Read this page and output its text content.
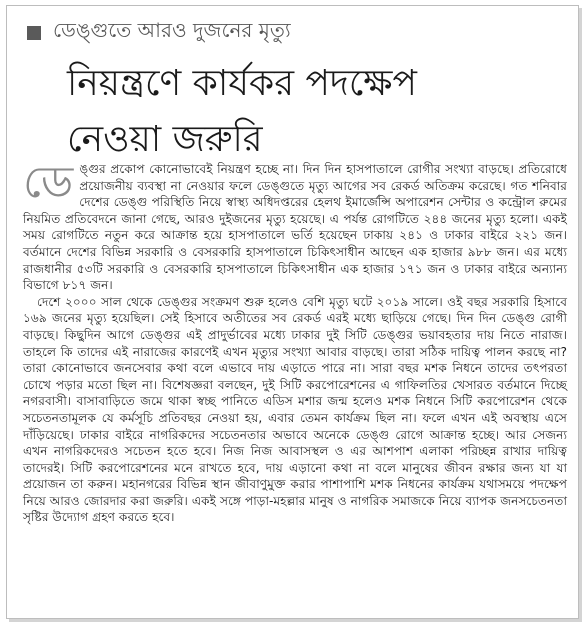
ডেঙ্গুতে আরও দুজনের মৃত্যু
নিয়ন্ত্রণে কার্যকর পদক্ষেপ
নেওয়া জরুরি

ডেঙ্গুর প্রকোপ কোনোভাবেই নিয়ন্ত্রণ হচ্ছে না। দিন দিন হাসপাতালে রোগীর সংখ্যা বাড়ছে। প্রতিরোধে প্রয়োজনীয় ব্যবস্থা না নেওয়ার ফলে ডেঙ্গুতে মৃত্যু আগের সব রেকর্ড অতিক্রম করেছে। গত শনিবার দেশের ডেঙ্গু পরিস্থিতি নিয়ে স্বাস্থ্য অধিদপ্তরের হেলথ ইমার্জেন্সি অপারেশন সেন্টার ও কন্ট্রোল রুমের নিয়মিত প্রতিবেদনে জানা গেছে, আরও দুইজনের মৃত্যু হয়েছে। এ পর্যন্ত রোগটিতে ২৪৪ জনের মৃত্যু হলো। একই সময় রোগটিতে নতুন করে আক্রান্ত হয়ে হাসপাতালে ভর্তি হয়েছেন ঢাকায় ২৪১ ও ঢাকার বাইরে ২২১ জন। বর্তমানে দেশের বিভিন্ন সরকারি ও বেসরকারি হাসপাতালে চিকিৎসাধীন আছেন এক হাজার ৯৮৮ জন। এর মধ্যে রাজধানীর ৫৩টি সরকারি ও বেসরকারি হাসপাতালে চিকিৎসাধীন এক হাজার ১৭১ জন ও ঢাকার বাইরে অন্যান্য বিভাগে ৮১৭ জন।

দেশে ২০০০ সাল থেকে ডেঙ্গুর সংক্রমণ শুরু হলেও বেশি মৃত্যু ঘটে ২০১৯ সালে। ওই বছর সরকারি হিসাবে ১৬৯ জনের মৃত্যু হয়েছিল। সেই হিসাবে অতীতের সব রেকর্ড এরই মধ্যে ছাড়িয়ে গেছে। দিন দিন ডেঙ্গু রোগী বাড়ছে। কিছুদিন আগে ডেঙ্গুর এই প্রাদুর্ভাবের মধ্যে ঢাকার দুই সিটি ডেঙ্গুর ভয়াবহতার দায় নিতে নারাজ। তাহলে কি তাদের এই নারাজের কারণেই এখন মৃত্যুর সংখ্যা আবার বাড়ছে। তারা সঠিক দায়িত্ব পালন করছে না? তারা কোনোভাবে জনসেবার কথা বলে এভাবে দায় এড়াতে পারে না। সারা বছর মশক নিধনে তাদের তৎপরতা চোখে পড়ার মতো ছিল না। বিশেষজ্ঞরা বলছেন, দুই সিটি করপোরেশনের এ গাফিলতির খেসারত বর্তমানে দিচ্ছে নগরবাসী। বাসাবাড়িতে জমে থাকা স্বচ্ছ পানিতে এডিস মশার জন্ম হলেও মশক নিধনে সিটি করপোরেশন থেকে সচেতনতামূলক যে কর্মসূচি প্রতিবছর নেওয়া হয়, এবার তেমন কার্যক্রম ছিল না। ফলে এখন এই অবস্থায় এসে দাঁড়িয়েছে। ঢাকার বাইরে নাগরিকদের সচেতনতার অভাবে অনেকে ডেঙ্গু রোগে আক্রান্ত হচ্ছে। আর সেজন্য এখন নাগরিকদেরও সচেতন হতে হবে। নিজ নিজ আবাসস্থল ও এর আশপাশ এলাকা পরিচ্ছন্ন রাখার দায়িত্ব তাদেরই। সিটি করপোরেশনের মনে রাখতে হবে, দায় এড়ানো কথা না বলে মানুষের জীবন রক্ষার জন্য যা যা প্রয়োজন তা করুন। মহানগরের বিভিন্ন স্থান জীবাণুমুক্ত করার পাশাপাশি মশক নিধনের কার্যক্রম যথাসময়ে পদক্ষেপ নিয়ে আরও জোরদার করা জরুরি। একই সঙ্গে পাড়া-মহল্লার মানুষ ও নাগরিক সমাজকে নিয়ে ব্যাপক জনসচেতনতা সৃষ্টির উদ্যোগ গ্রহণ করতে হবে।
